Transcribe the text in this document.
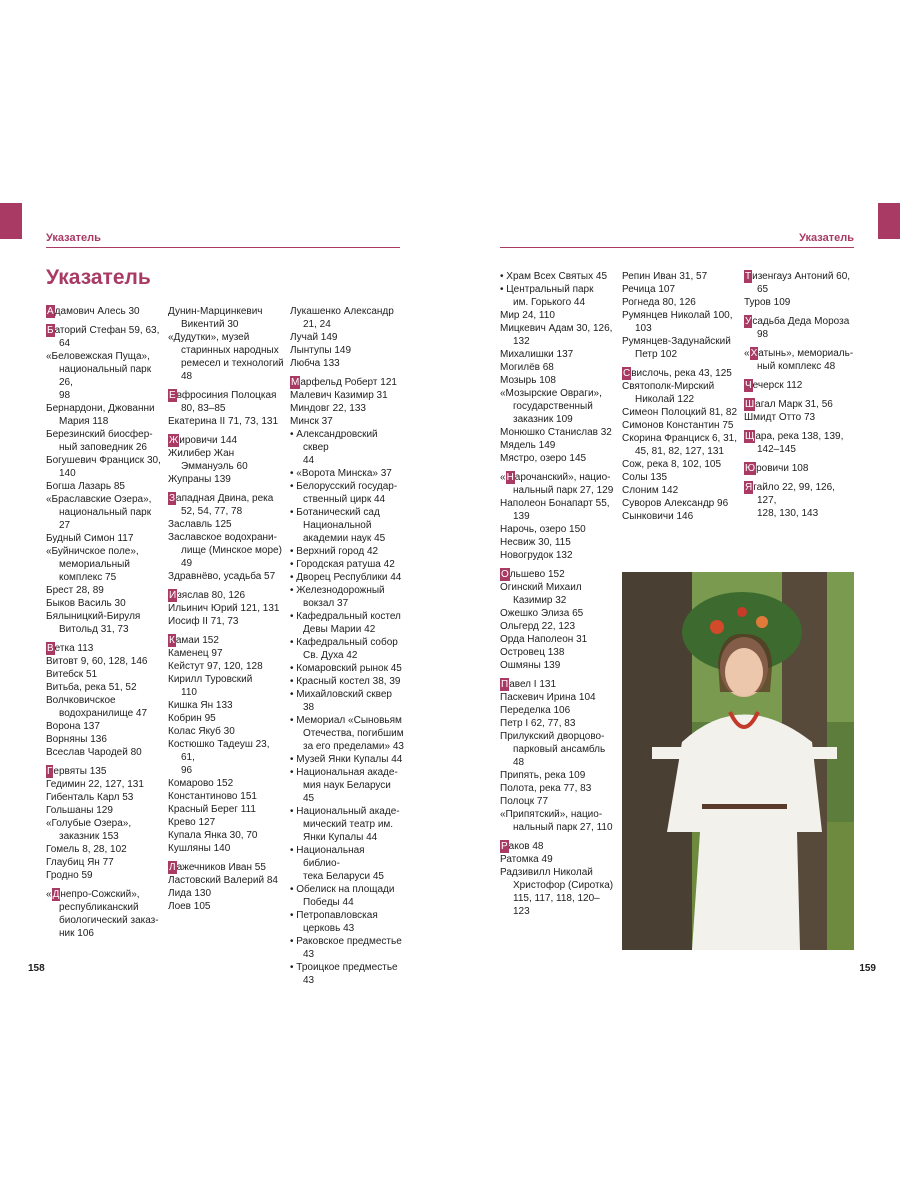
Указатель	Указатель
Указатель
Адамович Алесь 30
Баторий Стефан 59, 63,
64
«Беловежская Пуща»,
национальный парк 26,
98
Бернардони, Джованни
Мария 118
Березинский биосфер-
ный заповедник 26
Богушевич Франциск 30,
140
Богша Лазарь 85
«Браславские Озера»,
национальный парк 27
Будный Симон 117
«Буйничское поле»,
мемориальный
комплекс 75
Брест 28, 89
Быков Василь 30
Бялыницкий-Бируля
Витольд 31, 73
Ветка 113
Витовт 9, 60, 128, 146
Витебск 51
Витьба, река 51, 52
Волчковичское
водохранилище 47
Ворона 137
Ворняны 136
Всеслав Чародей 80
Гервяты 135
Гедимин 22, 127, 131
Гибенталь Карл 53
Гольшаны 129
«Голубые Озера»,
заказник 153
Гомель 8, 28, 102
Глаубиц Ян 77
Гродно 59
«Днепро-Сожский»,
республиканский
биологический заказ-
ник 106
Дунин-Марцинкевич
Викентий 30
«Дудутки», музей
старинных народных
ремесел и технологий
48
Евфросиния Полоцкая
80, 83–85
Екатерина II 71, 73, 131
Жировичи 144
Жилибер Жан
Эммануэль 60
Жупраны 139
Западная Двина, река
52, 54, 77, 78
Заславль 125
Заславское водохрани-
лище (Минское море)
49
Здравнёво, усадьба 57
Изяслав 80, 126
Ильинич Юрий 121, 131
Иосиф II 71, 73
Камаи 152
Каменец 97
Кейстут 97, 120, 128
Кирилл Туровский
110
Кишка Ян 133
Кобрин 95
Колас Якуб 30
Костюшко Тадеуш 23, 61,
96
Комарово 152
Константиново 151
Красный Берег 111
Крево 127
Купала Янка 30, 70
Кушляны 140
Лажечников Иван 55
Ластовский Валерий 84
Лида 130
Лоев 105
Лукашенко Александр
21, 24
Лучай 149
Лынтупы 149
Любча 133
Марфельд Роберт 121
Малевич Казимир 31
Миндовг 22, 133
Минск 37
• Александровский сквер
44
• «Ворота Минска» 37
• Белорусский государ-
ственный цирк 44
• Ботанический сад
Национальной
академии наук 45
• Верхний город 42
• Городская ратуша 42
• Дворец Республики 44
• Железнодорожный
вокзал 37
• Кафедральный костел
Девы Марии 42
• Кафедральный собор
Св. Духа 42
• Комаровский рынок 45
• Красный костел 38, 39
• Михайловский сквер 38
• Мемориал «Сыновьям
Отечества, погибшим
за его пределами» 43
• Музей Янки Купалы 44
• Национальная акаде-
мия наук Беларуси 45
• Национальный акаде-
мический театр им.
Янки Купалы 44
• Национальная библио-
тека Беларуси 45
• Обелиск на площади
Победы 44
• Петропавловская
церковь 43
• Раковское предместье
43
• Троицкое предместье
43
• Храм Всех Святых 45
• Центральный парк
им. Горького 44
Мир 24, 110
Мицкевич Адам 30, 126,
132
Михалишки 137
Могилёв 68
Мозырь 108
«Мозырские Овраги»,
государственный
заказник 109
Монюшко Станислав 32
Мядель 149
Мястро, озеро 145
«Нарочанский», нацио-
нальный парк 27, 129
Наполеон Бонапарт 55,
139
Нарочь, озеро 150
Несвиж 30, 115
Новогрудок 132
Ольшево 152
Огинский Михаил
Казимир 32
Ожешко Элиза 65
Ольгерд 22, 123
Орда Наполеон 31
Островец 138
Ошмяны 139
Павел I 131
Паскевич Ирина 104
Переделка 106
Петр I 62, 77, 83
Прилукский дворцово-
парковый ансамбль 48
Припять, река 109
Полота, река 77, 83
Полоцк 77
«Припятский», нацио-
нальный парк 27, 110
Раков 48
Ратомка 49
Радзивилл Николай
Христофор (Сиротка)
115, 117, 118, 120–
123
Репин Иван 31, 57
Речица 107
Рогнеда 80, 126
Румянцев Николай 100,
103
Румянцев-Задунайский
Петр 102
Свислочь, река 43, 125
Святополк-Мирский
Николай 122
Симеон Полоцкий 81, 82
Симонов Константин 75
Скорина Франциск 6, 31,
45, 81, 82, 127, 131
Сож, река 8, 102, 105
Солы 135
Слоним 142
Суворов Александр 96
Сынковичи 146
Тизенгауз Антоний 60,
65
Туров 109
Усадьба Деда Мороза
98
«Хатынь», мемориаль-
ный комплекс 48
Чечерск 112
Шагал Марк 31, 56
Шмидт Отто 73
Щара, река 138, 139,
142–145
Юровичи 108
Ягайло 22, 99, 126, 127,
128, 130, 143
158	159
